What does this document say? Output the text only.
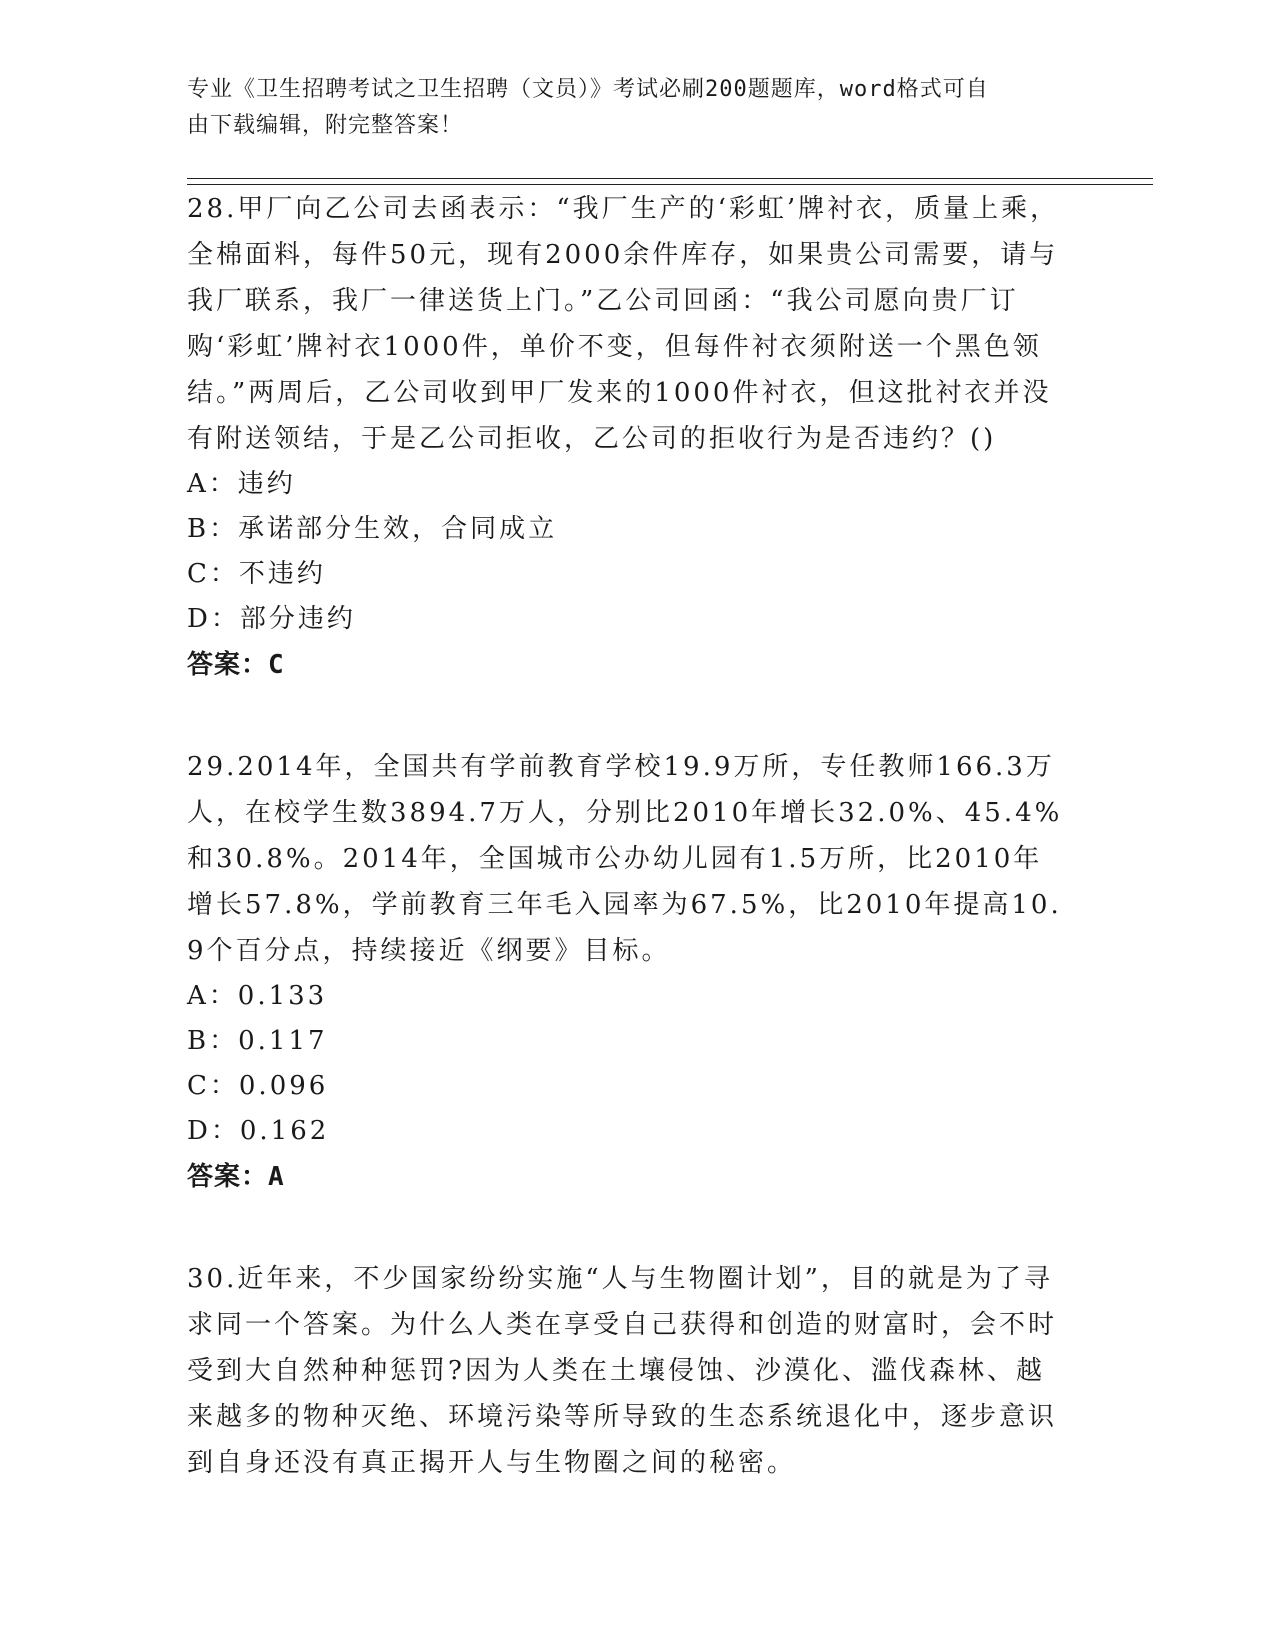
专业《卫生招聘考试之卫生招聘（文员）》考试必刷200题题库，word格式可自
由下载编辑，附完整答案！

28.甲厂向乙公司去函表示：“我厂生产的‘彩虹’牌衬衣，质量上乘，全棉面料，每件50元，现有2000余件库存，如果贵公司需要，请与我厂联系，我厂一律送货上门。”乙公司回函：“我公司愿向贵厂订购‘彩虹’牌衬衣1000件，单价不变，但每件衬衣须附送一个黑色领结。”两周后，乙公司收到甲厂发来的1000件衬衣，但这批衬衣并没有附送领结，于是乙公司拒收，乙公司的拒收行为是否违约？()

A：违约

B：承诺部分生效，合同成立

C：不违约

D：部分违约

答案：C

29.2014年，全国共有学前教育学校19.9万所，专任教师166.3万人，在校学生数3894.7万人，分别比2010年增长32.0%、45.4%和30.8%。2014年，全国城市公办幼儿园有1.5万所，比2010年增长57.8%，学前教育三年毛入园率为67.5%，比2010年提高10.9个百分点，持续接近《纲要》目标。

A：0.133

B：0.117

C：0.096

D：0.162

答案：A

30.近年来，不少国家纷纷实施“人与生物圈计划”，目的就是为了寻求同一个答案。为什么人类在享受自己获得和创造的财富时，会不时受到大自然种种惩罚?因为人类在土壤侵蚀、沙漠化、滥伐森林、越来越多的物种灭绝、环境污染等所导致的生态系统退化中，逐步意识到自身还没有真正揭开人与生物圈之间的秘密。
